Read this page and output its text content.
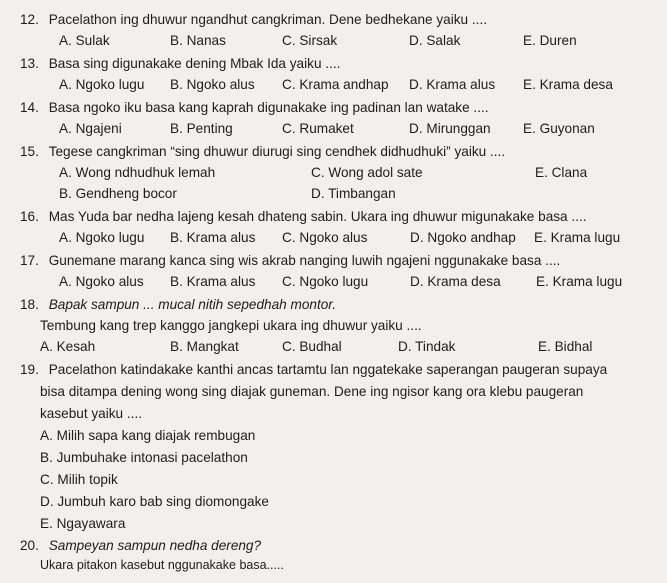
12. Pacelathon ing dhuwur ngandhut cangkriman. Dene bedhekane yaiku ....
A. Sulak	B. Nanas	C. Sirsak	D. Salak	E. Duren
13. Basa sing digunakake dening Mbak Ida yaiku ....
A. Ngoko lugu B. Ngoko alus C. Krama andhap D. Krama alus E. Krama desa
14. Basa ngoko iku basa kang kaprah digunakake ing padinan lan watake ....
A. Ngajeni	B. Penting	C. Rumaket	D. Mirunggan E. Guyonan
15. Tegese cangkriman “sing dhuwur diurugi sing cendhek didhudhuki” yaiku ....
A. Wong ndhudhuk lemah	C. Wong adol sate	E. Clana
B. Gendheng bocor	D. Timbangan
16. Mas Yuda bar nedha lajeng kesah dhateng sabin. Ukara ing dhuwur migunakake basa ....
A. Ngoko lugu B. Krama alus C. Ngoko alus	D. Ngoko andhap E. Krama lugu
17. Gunemane marang kanca sing wis akrab nanging luwih ngajeni nggunakake basa ....
A. Ngoko alus B. Krama alus C. Ngoko lugu	D. Krama desa	E. Krama lugu
18. Bapak sampun ... mucal nitih sepedhah montor.
Tembung kang trep kanggo jangkepi ukara ing dhuwur yaiku ....
A. Kesah	B. Mangkat	C. Budhal	D. Tindak	E. Bidhal
19. Pacelathon katindakake kanthi ancas tartamtu lan nggatekake saperangan paugeran supaya
bisa ditampa dening wong sing diajak guneman. Dene ing ngisor kang ora klebu paugeran
kasebut yaiku ....
A. Milih sapa kang diajak rembugan
B. Jumbuhake intonasi pacelathon
C. Milih topik
D. Jumbuh karo bab sing diomongake
E. Ngayawara
20. Sampeyan sampun nedha dereng?
Ukara pitakon kasebut nggunakake basa.....
